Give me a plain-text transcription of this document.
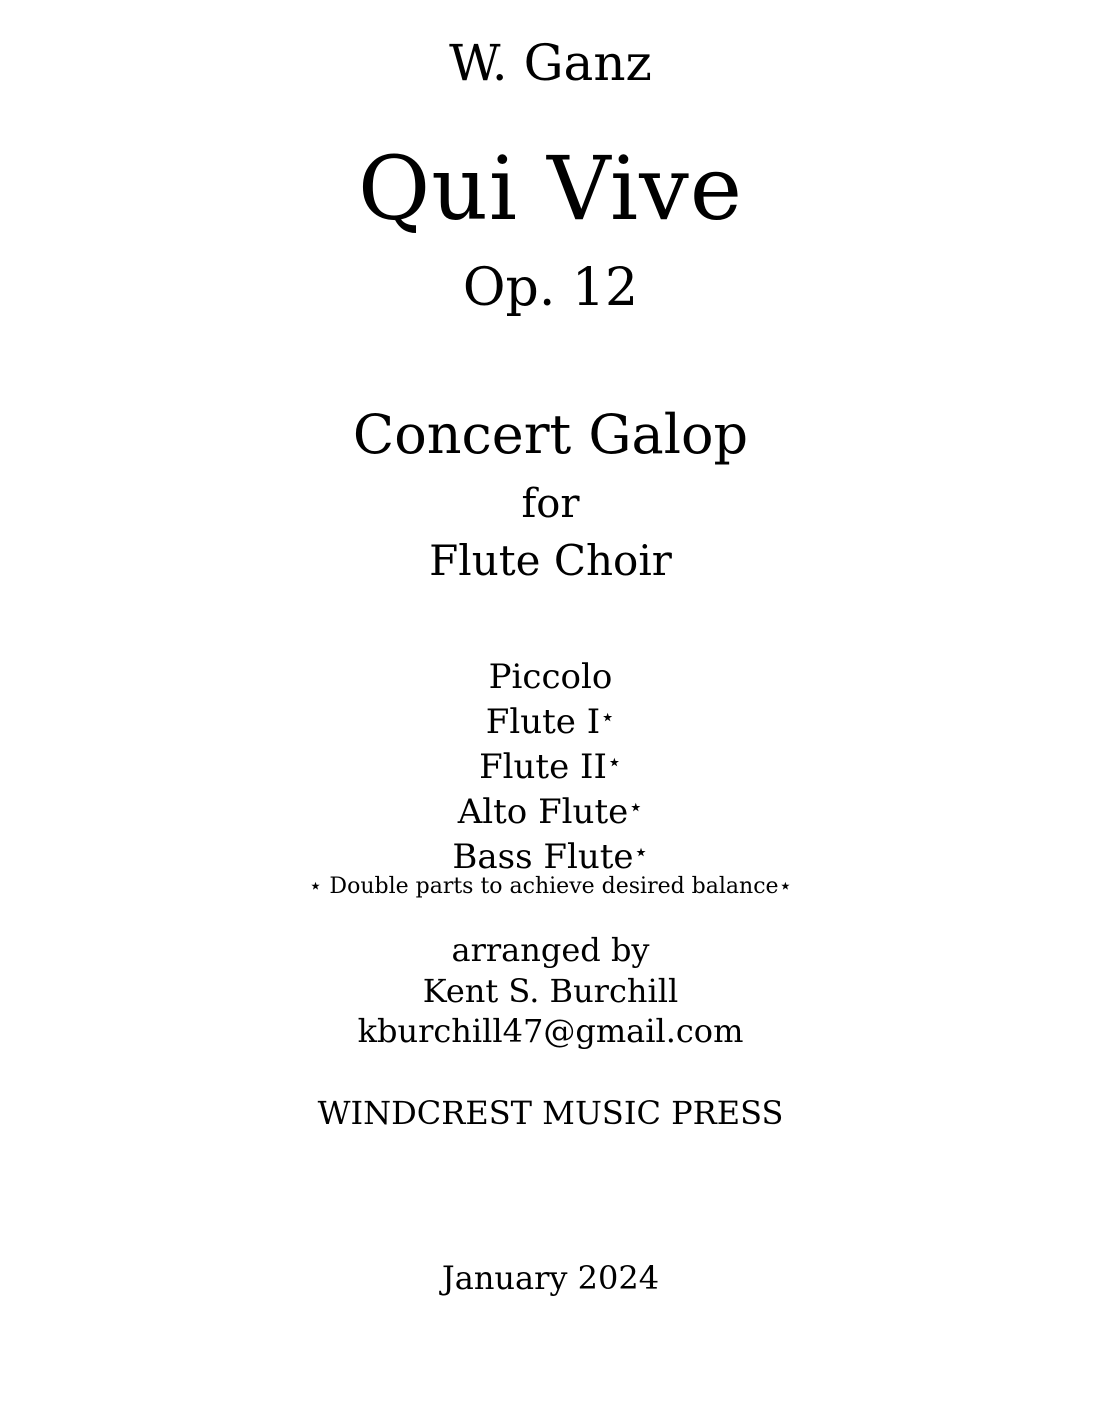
W. Ganz
Qui Vive
Op. 12
Concert Galop
for
Flute Choir
Piccolo
Flute I⋆
Flute II⋆
Alto Flute⋆
Bass Flute⋆
⋆ Double parts to achieve desired balance⋆
arranged by
Kent S. Burchill
kburchill47@gmail.com
WINDCREST MUSIC PRESS
January 2024
